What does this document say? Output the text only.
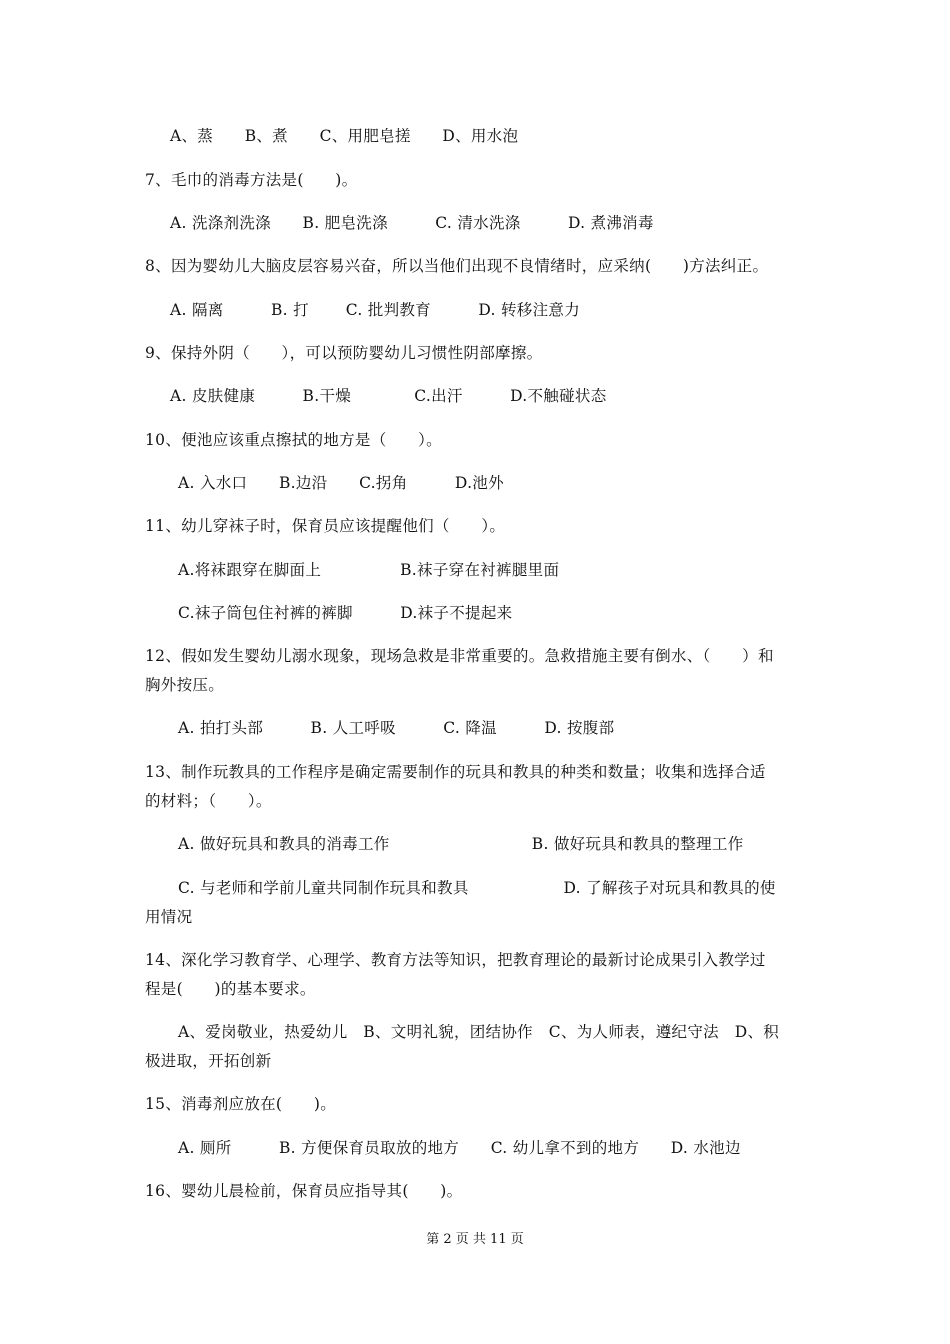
A、蒸　　B、煮　　C、用肥皂搓　　D、用水泡
7、毛巾的消毒方法是(　　)。
A. 洗涤剂洗涤　　B. 肥皂洗涤　　　C. 清水洗涤　　　D. 煮沸消毒
8、因为婴幼儿大脑皮层容易兴奋，所以当他们出现不良情绪时，应采纳(　　)方法纠正。
A. 隔离　　　B. 打　　 C. 批判教育　　　D. 转移注意力
9、保持外阴（　　），可以预防婴幼儿习惯性阴部摩擦。
A. 皮肤健康　　　B.干燥　　　　C.出汗　　　D.不触碰状态
10、便池应该重点擦拭的地方是（　　）。
A. 入水口　　B.边沿　　C.拐角　　　D.池外
11、幼儿穿袜子时，保育员应该提醒他们（　　）。
A.将袜跟穿在脚面上　　　　　B.袜子穿在衬裤腿里面
C.袜子筒包住衬裤的裤脚　　　D.袜子不提起来
12、假如发生婴幼儿溺水现象，现场急救是非常重要的。急救措施主要有倒水、（　　）和
胸外按压。
A. 拍打头部　　　B. 人工呼吸　　　C. 降温　　　D. 按腹部
13、制作玩教具的工作程序是确定需要制作的玩具和教具的种类和数量；收集和选择合适
的材料；（　　）。
A. 做好玩具和教具的消毒工作　　　　　　　　　B. 做好玩具和教具的整理工作
C. 与老师和学前儿童共同制作玩具和教具　　　　　　D. 了解孩子对玩具和教具的使
用情况
14、深化学习教育学、心理学、教育方法等知识，把教育理论的最新讨论成果引入教学过
程是(　　)的基本要求。
A、爱岗敬业，热爱幼儿　B、文明礼貌，团结协作　C、为人师表，遵纪守法　D、积
极进取，开拓创新
15、消毒剂应放在(　　)。
A. 厕所　　　B. 方便保育员取放的地方　　C. 幼儿拿不到的地方　　D. 水池边
16、婴幼儿晨检前，保育员应指导其(　　)。
第 2 页 共 11 页
